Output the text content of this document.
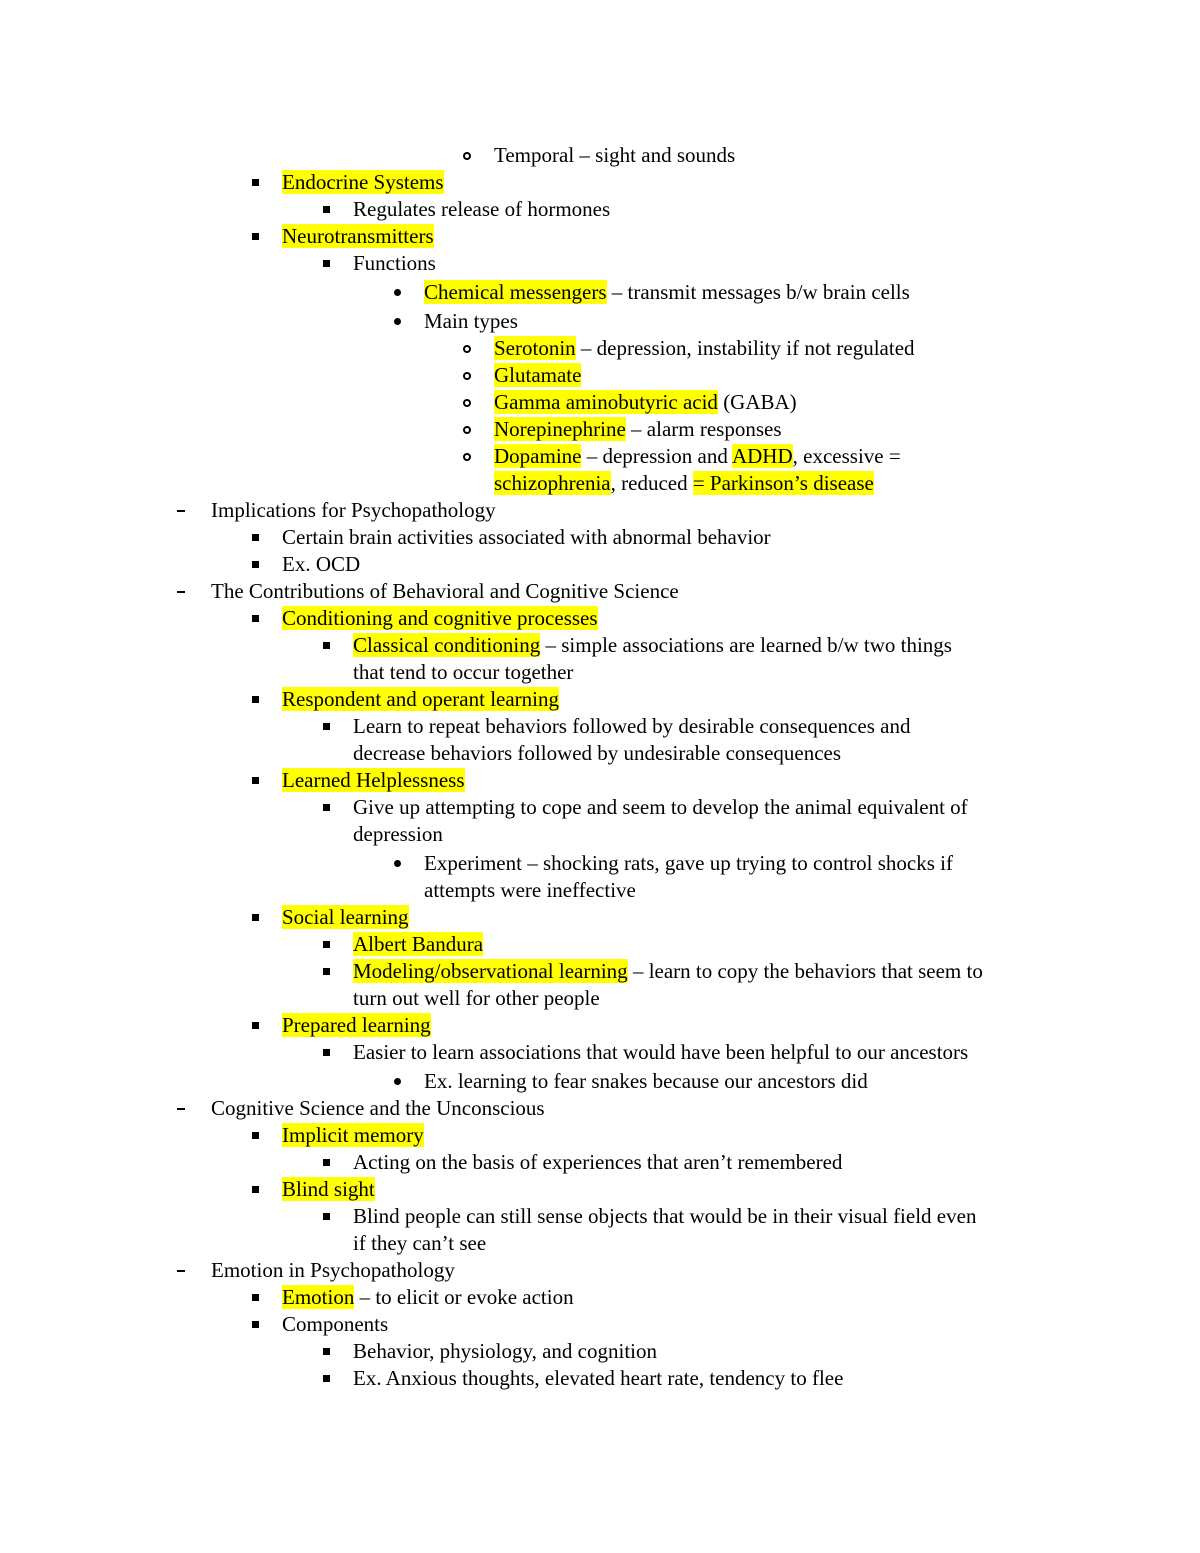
Temporal – sight and sounds
Endocrine Systems
Regulates release of hormones
Neurotransmitters
Functions
Chemical messengers – transmit messages b/w brain cells
Main types
Serotonin – depression, instability if not regulated
Glutamate
Gamma aminobutyric acid (GABA)
Norepinephrine – alarm responses
Dopamine – depression and ADHD, excessive =
schizophrenia, reduced = Parkinson’s disease
Implications for Psychopathology
Certain brain activities associated with abnormal behavior
Ex. OCD
The Contributions of Behavioral and Cognitive Science
Conditioning and cognitive processes
Classical conditioning – simple associations are learned b/w two things
that tend to occur together
Respondent and operant learning
Learn to repeat behaviors followed by desirable consequences and
decrease behaviors followed by undesirable consequences
Learned Helplessness
Give up attempting to cope and seem to develop the animal equivalent of
depression
Experiment – shocking rats, gave up trying to control shocks if
attempts were ineffective
Social learning
Albert Bandura
Modeling/observational learning – learn to copy the behaviors that seem to
turn out well for other people
Prepared learning
Easier to learn associations that would have been helpful to our ancestors
Ex. learning to fear snakes because our ancestors did
Cognitive Science and the Unconscious
Implicit memory
Acting on the basis of experiences that aren’t remembered
Blind sight
Blind people can still sense objects that would be in their visual field even
if they can’t see
Emotion in Psychopathology
Emotion – to elicit or evoke action
Components
Behavior, physiology, and cognition
Ex. Anxious thoughts, elevated heart rate, tendency to flee
